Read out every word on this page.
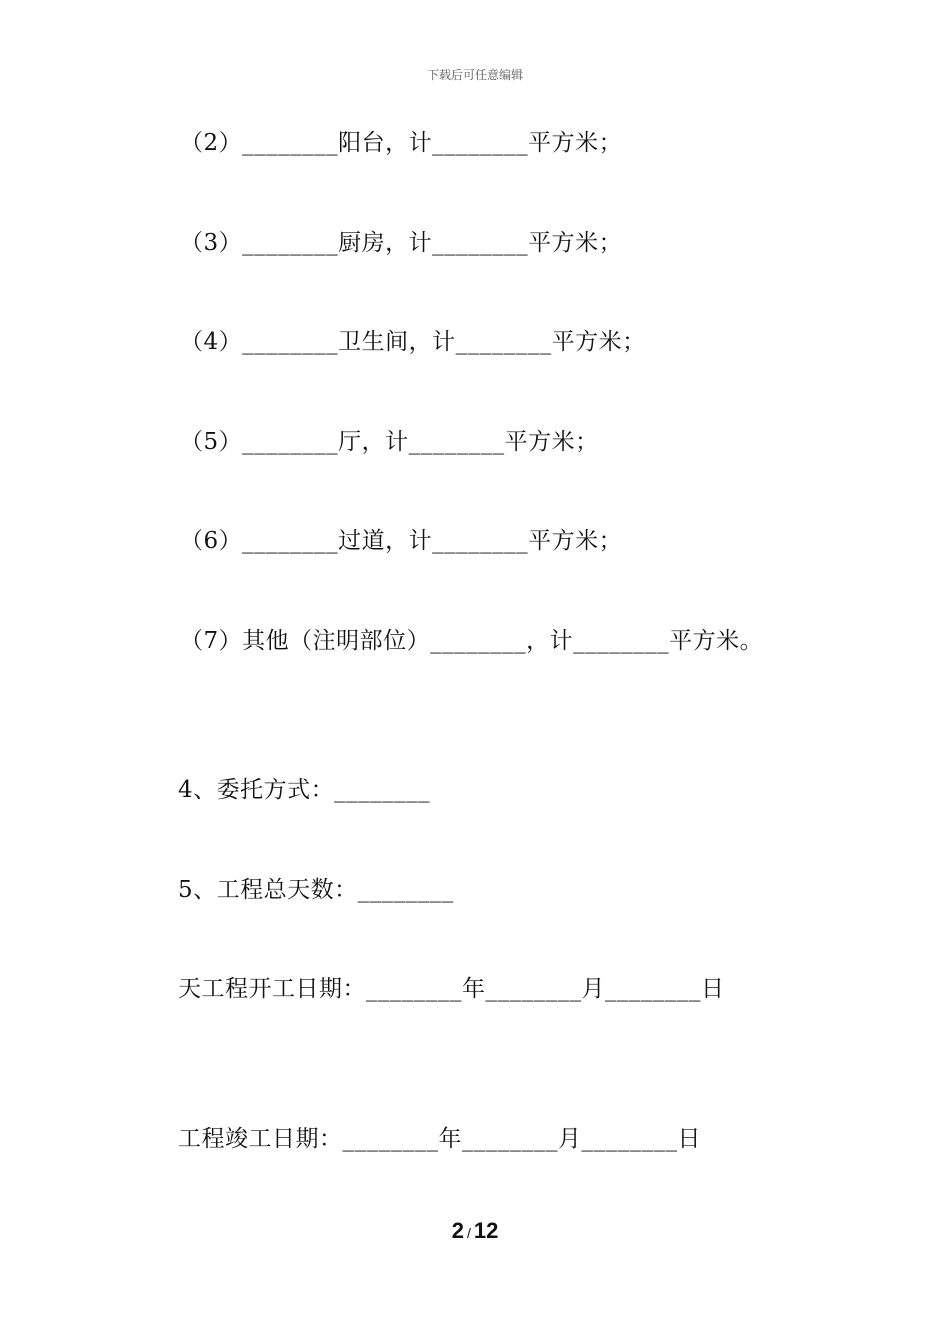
下载后可任意编辑
（2）________阳台，计________平方米；
（3）________厨房，计________平方米；
（4）________卫生间，计________平方米；
（5）________厅，计________平方米；
（6）________过道，计________平方米；
（7）其他（注明部位）________，计________平方米。
4、委托方式：________
5、工程总天数：________
天工程开工日期：________年________月________日
工程竣工日期：________年________月________日
2 / 12
